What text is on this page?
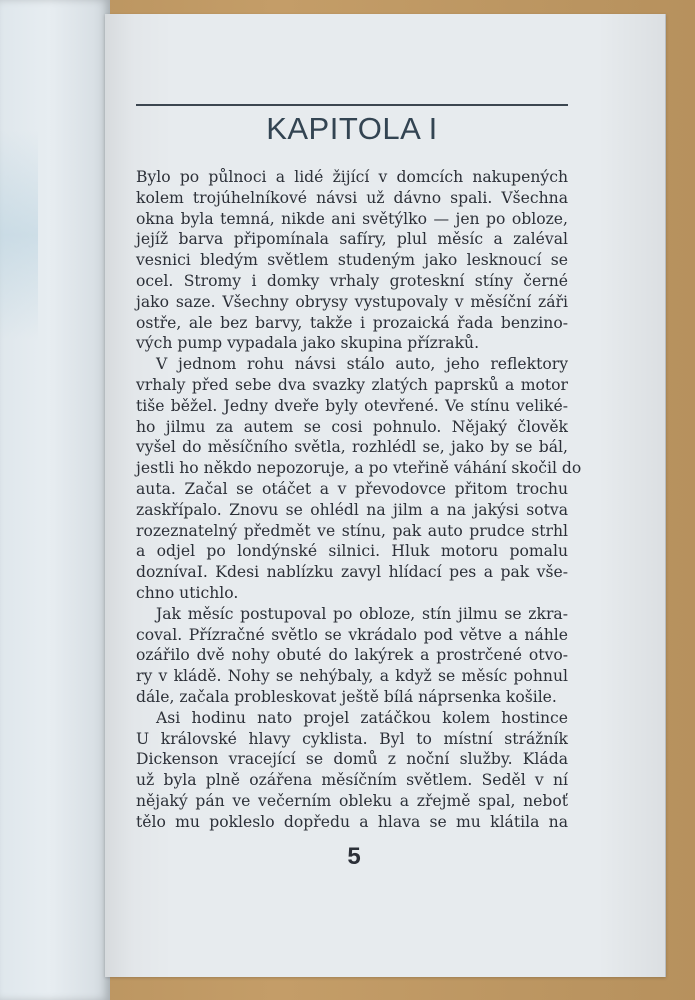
KAPITOLA I
Bylo po půlnoci a lidé žijící v domcích nakupených
kolem trojúhelníkové návsi už dávno spali. Všechna
okna byla temná, nikde ani světýlko — jen po obloze,
jejíž barva připomínala safíry, plul měsíc a zaléval
vesnici bledým světlem studeným jako lesknoucí se
ocel. Stromy i domky vrhaly groteskní stíny černé
jako saze. Všechny obrysy vystupovaly v měsíční záři
ostře, ale bez barvy, takže i prozaická řada benzino-
vých pump vypadala jako skupina přízraků.
V jednom rohu návsi stálo auto, jeho reflektory
vrhaly před sebe dva svazky zlatých paprsků a motor
tiše běžel. Jedny dveře byly otevřené. Ve stínu veliké-
ho jilmu za autem se cosi pohnulo. Nějaký člověk
vyšel do měsíčního světla, rozhlédl se, jako by se bál,
jestli ho někdo nepozoruje, a po vteřině váhání skočil do
auta. Začal se otáčet a v převodovce přitom trochu
zaskřípalo. Znovu se ohlédl na jilm a na jakýsi sotva
rozeznatelný předmět ve stínu, pak auto prudce strhl
a odjel po londýnské silnici. Hluk motoru pomalu
doznívaI. Kdesi nablízku zavyl hlídací pes a pak vše-
chno utichlo.
Jak měsíc postupoval po obloze, stín jilmu se zkra-
coval. Přízračné světlo se vkrádalo pod větve a náhle
ozářilo dvě nohy obuté do lakýrek a prostrčené otvo-
ry v kládě. Nohy se nehýbaly, a když se měsíc pohnul
dále, začala probleskovat ještě bílá náprsenka košile.
Asi hodinu nato projel zatáčkou kolem hostince
U královské hlavy cyklista. Byl to místní strážník
Dickenson vracející se domů z noční služby. Kláda
už byla plně ozářena měsíčním světlem. Seděl v ní
nějaký pán ve večerním obleku a zřejmě spal, neboť
tělo mu pokleslo dopředu a hlava se mu klátila na
5
